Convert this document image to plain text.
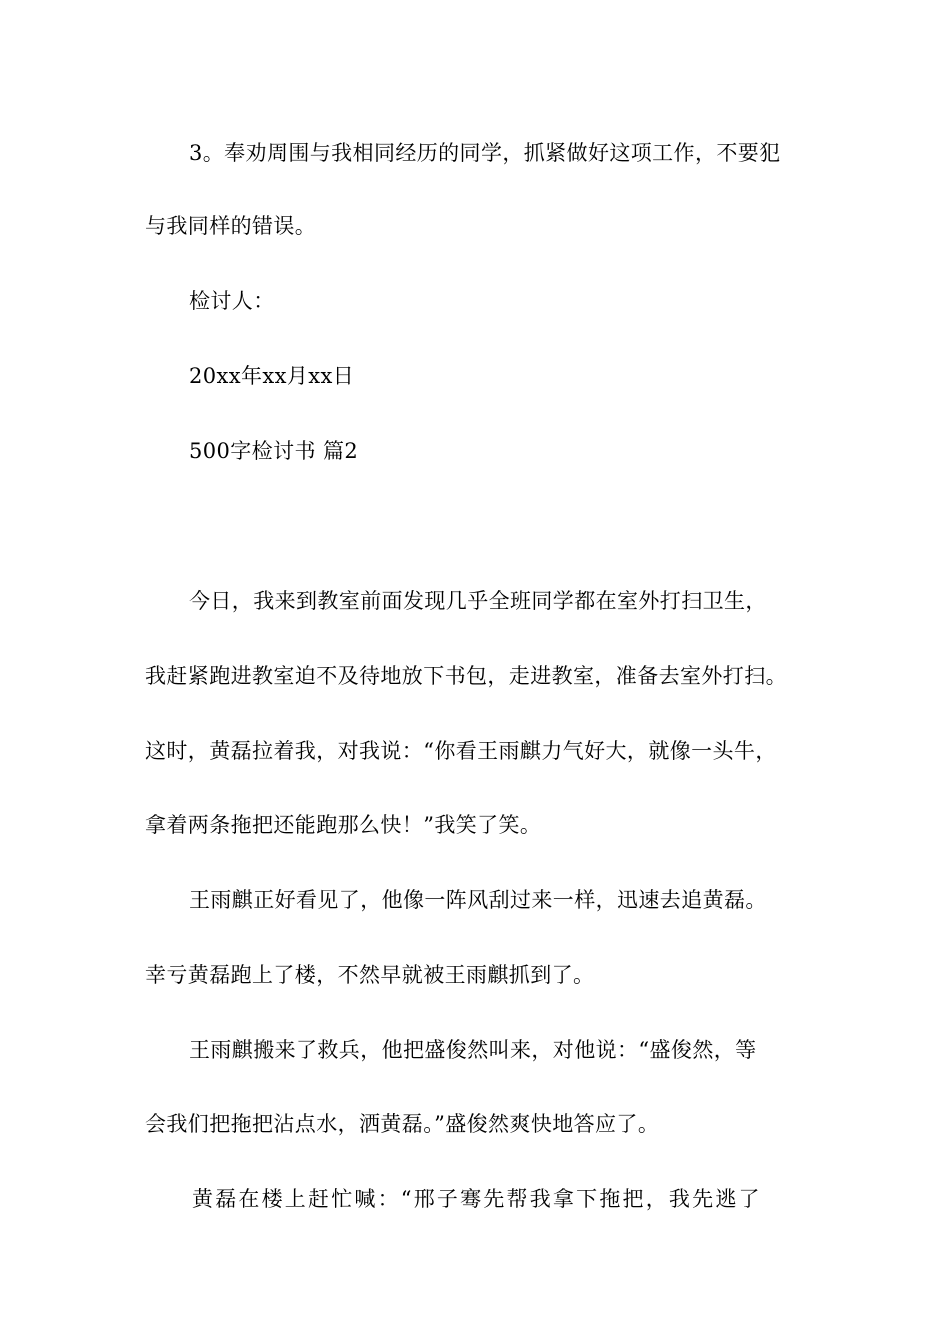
3。奉劝周围与我相同经历的同学，抓紧做好这项工作，不要犯
与我同样的错误。
检讨人：
20xx年xx月xx日
500字检讨书 篇2
今日，我来到教室前面发现几乎全班同学都在室外打扫卫生，
我赶紧跑进教室迫不及待地放下书包，走进教室，准备去室外打扫。
这时，黄磊拉着我，对我说：“你看王雨麒力气好大，就像一头牛，
拿着两条拖把还能跑那么快！”我笑了笑。
王雨麒正好看见了，他像一阵风刮过来一样，迅速去追黄磊。
幸亏黄磊跑上了楼，不然早就被王雨麒抓到了。
王雨麒搬来了救兵，他把盛俊然叫来，对他说：“盛俊然，等
会我们把拖把沾点水，洒黄磊。”盛俊然爽快地答应了。
黄磊在楼上赶忙喊：“邢子骞先帮我拿下拖把，我先逃了
